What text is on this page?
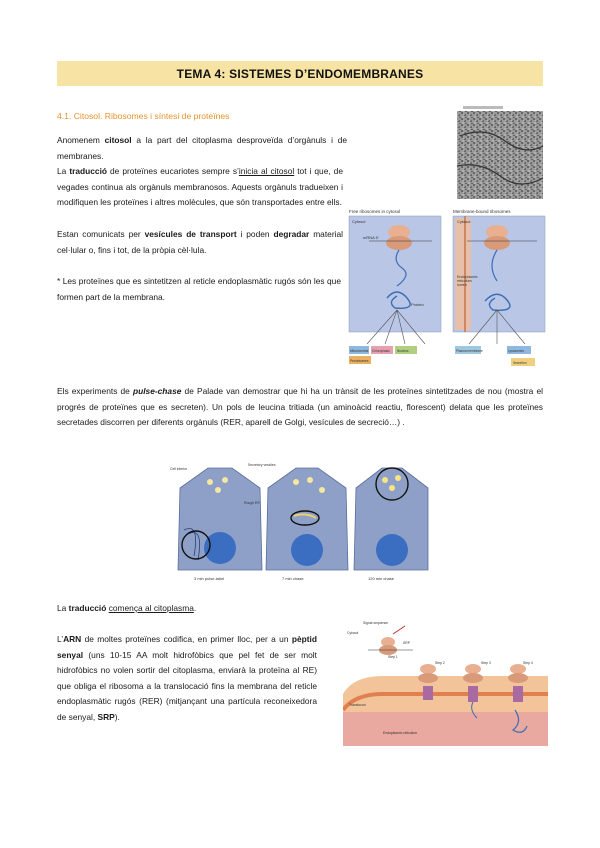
TEMA 4: SISTEMES D’ENDOMEMBRANES
4.1. Citosol. Ribosomes i síntesi de proteïnes
Anomenem citosol a la part del citoplasma desproveïda d’orgànuls i de membranes.
La traducció de proteïnes eucariotes sempre s’inicia al citosol tot i que, de vegades continua als orgànuls membranosos. Aquests orgànuls tradueixen i modifiquen les proteïnes i altres molècules, que són transportades entre ells.
Estan comunicats per vesícules de transport i poden degradar material cel·lular o, fins i tot, de la pròpia cèl·lula.
* Les proteïnes que es sintetitzen al reticle endoplasmàtic rugós són les que formen part de la membrana.
Els experiments de pulse-chase de Palade van demostrar que hi ha un trànsit de les proteïnes sintetitzades de nou (mostra el progrés de proteïnes que es secreten). Un pols de leucina tritiada (un aminoàcid reactiu, florescent) delata que les proteïnes secretades discorren per diferents orgànuls (RER, aparell de Golgi, vesícules de secreció…) .
La traducció comença al citoplasma.
L’ARN de moltes proteïnes codifica, en primer lloc, per a un pèptid senyal (uns 10-15 AA molt hidrofòbics que pel fet de ser molt hidrofòbics no volen sortir del citoplasma, enviarà la proteïna al RE) que obliga el ribosoma a la translocació fins la membrana del reticle endoplasmàtic rugós (RER) (mitjançant una partícula reconeixedora de senyal, SRP).
Free ribosomes in cytosol	Membrane-bound ribosomes
Cytosol	Cytosol
mRNA 5'
Protein
Endoplasmic
reticulum
lumen
Mitochondria Chloroplasts
Peroxisomes
Nucleus	Plasma membrane	Lysosomes
Secretion
3 min pulse-label	7 min chase	120 min chase
Cell interior
Secretory vesicles
Rough ER
Step 1
Step 2	Step 3	Step 4
Signal sequence
SRP
Translocon
Endoplasmic reticulum
Cytosol
